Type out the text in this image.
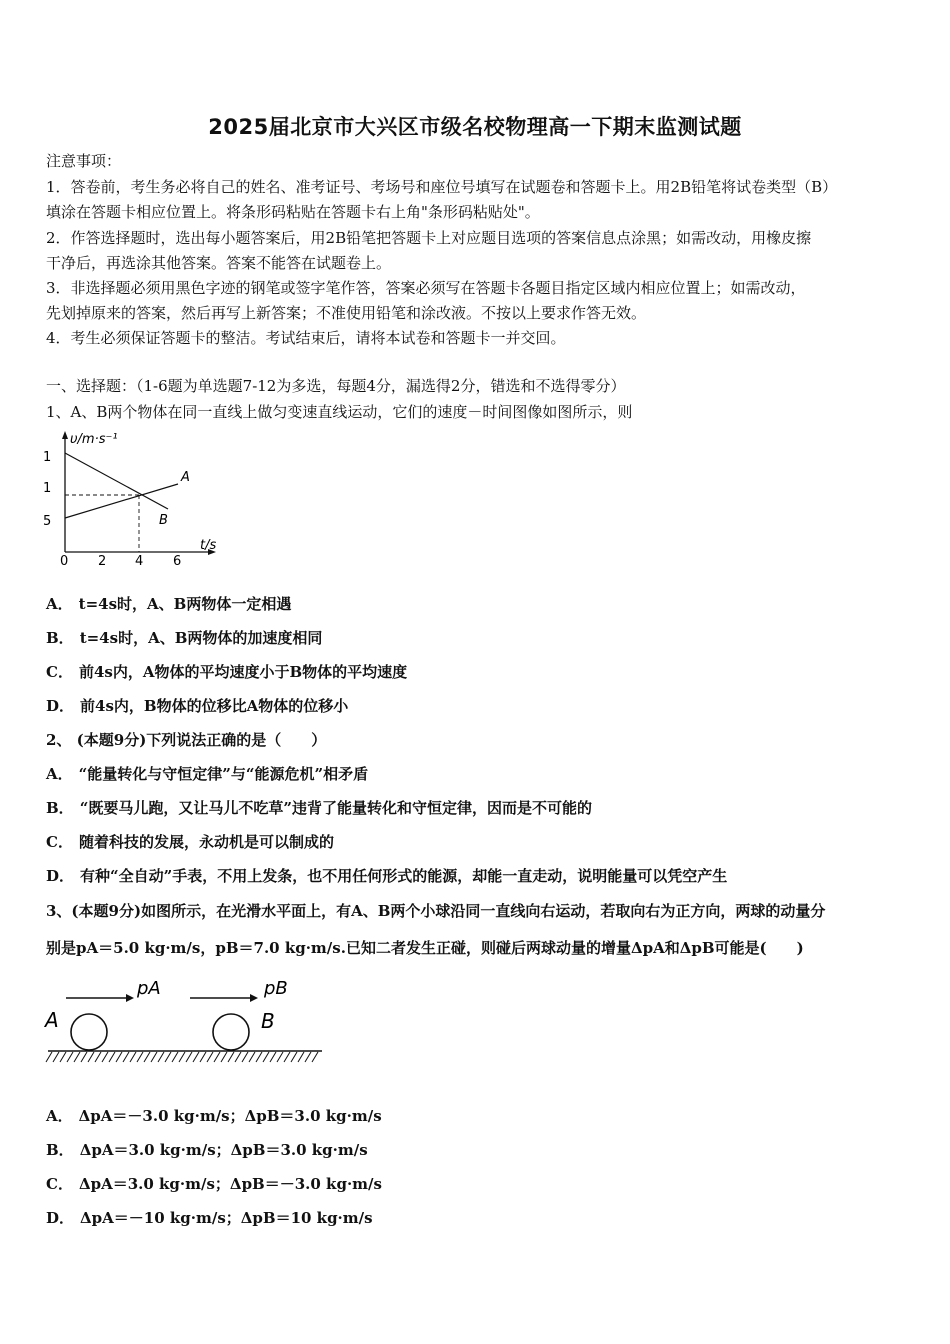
2025届北京市大兴区市级名校物理高一下期末监测试题
注意事项：
1．答卷前，考生务必将自己的姓名、准考证号、考场号和座位号填写在试题卷和答题卡上。用2B铅笔将试卷类型（B）
填涂在答题卡相应位置上。将条形码粘贴在答题卡右上角"条形码粘贴处"。
2．作答选择题时，选出每小题答案后，用2B铅笔把答题卡上对应题目选项的答案信息点涂黑；如需改动，用橡皮擦
干净后，再选涂其他答案。答案不能答在试题卷上。
3．非选择题必须用黑色字迹的钢笔或签字笔作答，答案必须写在答题卡各题目指定区域内相应位置上；如需改动，
先划掉原来的答案，然后再写上新答案；不准使用铅笔和涂改液。不按以上要求作答无效。
4．考生必须保证答题卡的整洁。考试结束后，请将本试卷和答题卡一并交回。
一、选择题：（1-6题为单选题7-12为多选，每题4分，漏选得2分，错选和不选得零分）
1、A、B两个物体在同一直线上做匀变速直线运动，它们的速度－时间图像如图所示，则
υ/m·s⁻¹
t/s
1
1
5
0 2 4 6
A
B
A． t=4s时，A、B两物体一定相遇
B． t=4s时，A、B两物体的加速度相同
C． 前4s内，A物体的平均速度小于B物体的平均速度
D． 前4s内，B物体的位移比A物体的位移小
2、 (本题9分)下列说法正确的是（　　）
A． “能量转化与守恒定律”与“能源危机”相矛盾
B． “既要马儿跑，又让马儿不吃草”违背了能量转化和守恒定律，因而是不可能的
C． 随着科技的发展，永动机是可以制成的
D． 有种“全自动”手表，不用上发条，也不用任何形式的能源，却能一直走动，说明能量可以凭空产生
3、(本题9分)如图所示，在光滑水平面上，有A、B两个小球沿同一直线向右运动，若取向右为正方向，两球的动量分
别是pA＝5.0 kg·m/s，pB＝7.0 kg·m/s.已知二者发生正碰，则碰后两球动量的增量ΔpA和ΔpB可能是(　　)
pA	pB
A	B
A． ΔpA＝－3.0 kg·m/s；ΔpB＝3.0 kg·m/s
B． ΔpA＝3.0 kg·m/s；ΔpB＝3.0 kg·m/s
C． ΔpA＝3.0 kg·m/s；ΔpB＝－3.0 kg·m/s
D． ΔpA＝－10 kg·m/s；ΔpB＝10 kg·m/s
